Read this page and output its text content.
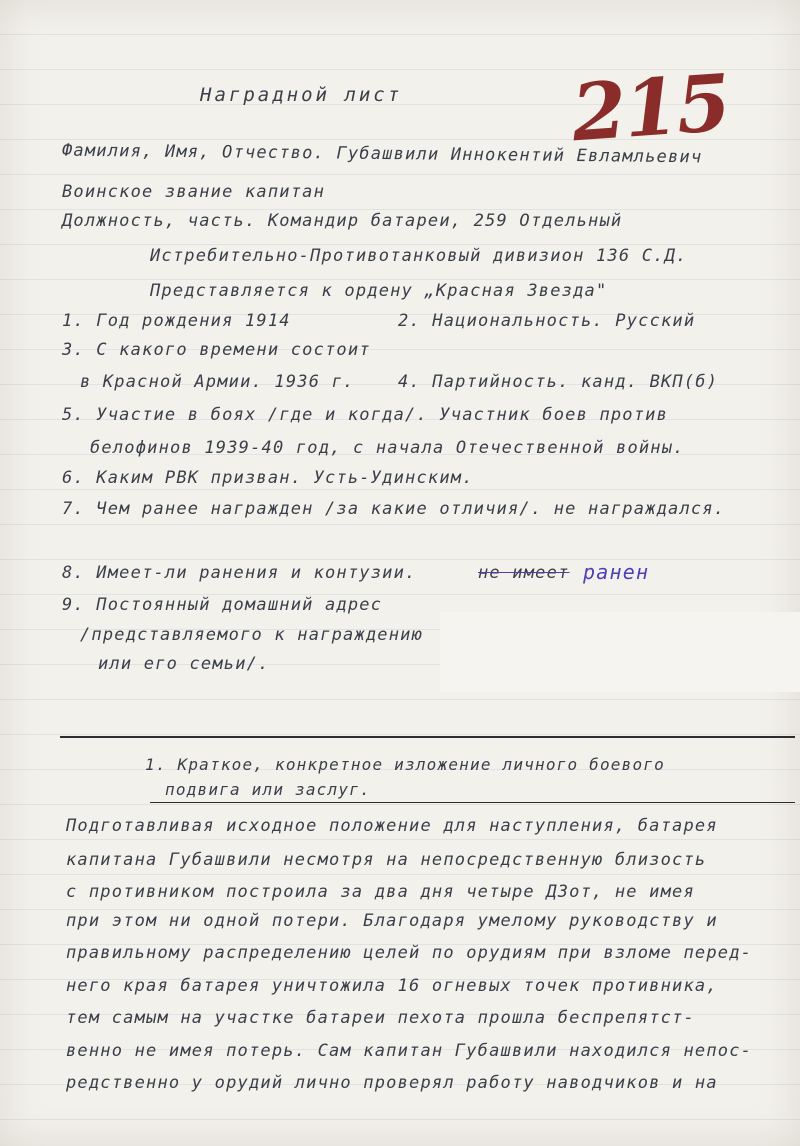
Наградной лист 215
Фамилия, Имя, Отчество. Губашвили Иннокентий Евламльевич
Воинское звание капитан
Должность, часть. Командир батареи, 259 Отдельный
Истребительно-Противотанковый дивизион 136 С.Д.
Представляется к ордену „Красная Звезда"
1. Год рождения 1914	2. Национальность. Русский
3. С какого времени состоит
в Красной Армии. 1936 г.	4. Партийность. канд. ВКП(б)
5. Участие в боях /где и когда/. Участник боев против
белофинов 1939-40 год, с начала Отечественной войны.
6. Каким РВК призван. Усть-Удинским.
7. Чем ранее награжден /за какие отличия/. не награждался.
8. Имеет-ли ранения и контузии.	не имеет ранен
9. Постоянный домашний адрес
/представляемого к награждению
или его семьи/.
1. Краткое, конкретное изложение личного боевого
подвига или заслуг.
Подготавливая исходное положение для наступления, батарея
капитана Губашвили несмотря на непосредственную близость
с противником построила за два дня четыре ДЗот, не имея
при этом ни одной потери. Благодаря умелому руководству и
правильному распределению целей по орудиям при взломе перед-
него края батарея уничтожила 16 огневых точек противника,
тем самым на участке батареи пехота прошла беспрепятст-
венно не имея потерь. Сам капитан Губашвили находился непос-
редственно у орудий лично проверял работу наводчиков и на
